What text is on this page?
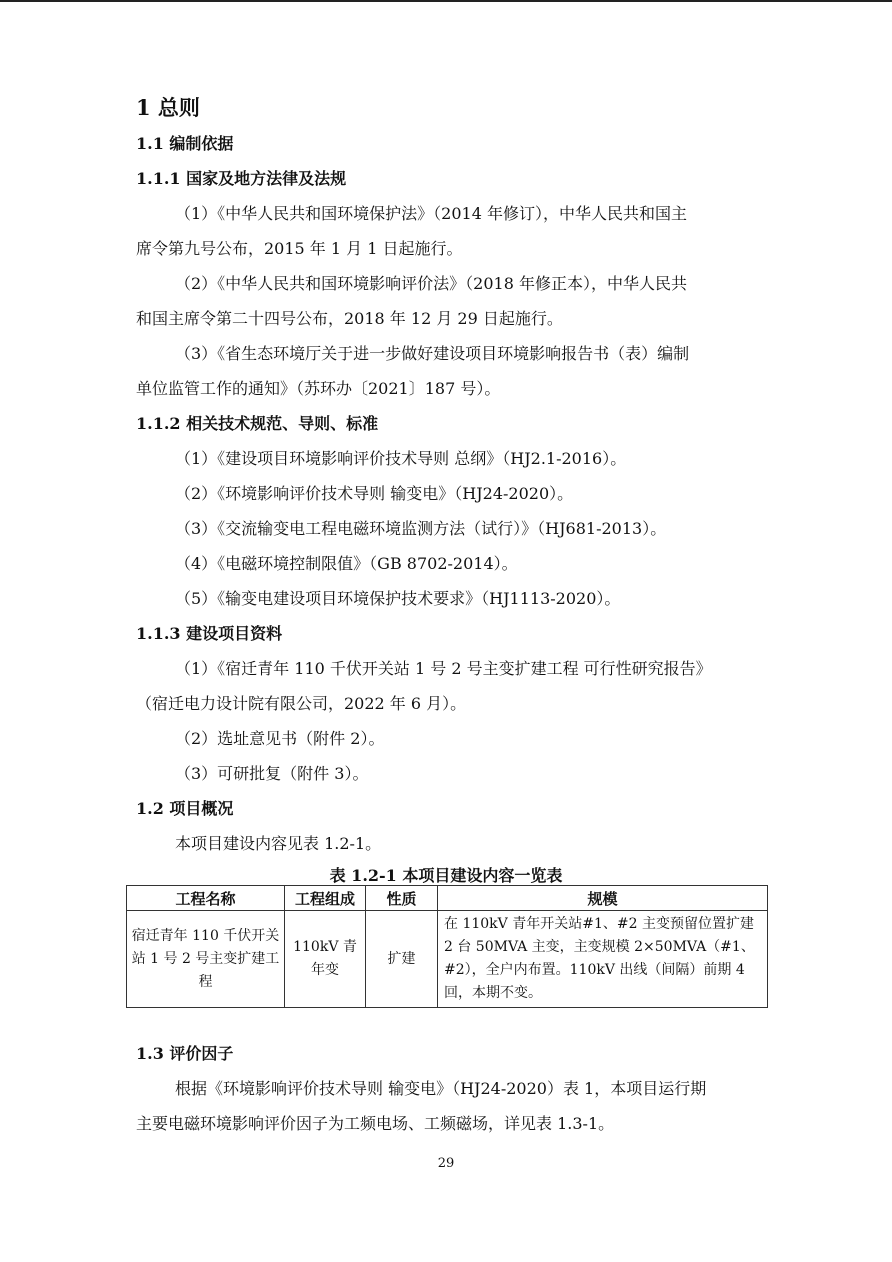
1 总则
1.1 编制依据
1.1.1 国家及地方法律及法规
（1）《中华人民共和国环境保护法》（2014 年修订），中华人民共和国主
席令第九号公布，2015 年 1 月 1 日起施行。
（2）《中华人民共和国环境影响评价法》（2018 年修正本），中华人民共
和国主席令第二十四号公布，2018 年 12 月 29 日起施行。
（3）《省生态环境厅关于进一步做好建设项目环境影响报告书（表）编制
单位监管工作的通知》（苏环办〔2021〕187 号）。
1.1.2 相关技术规范、导则、标准
（1）《建设项目环境影响评价技术导则 总纲》（HJ2.1-2016）。
（2）《环境影响评价技术导则 输变电》（HJ24-2020）。
（3）《交流输变电工程电磁环境监测方法（试行）》（HJ681-2013）。
（4）《电磁环境控制限值》（GB 8702-2014）。
（5）《输变电建设项目环境保护技术要求》（HJ1113-2020）。
1.1.3 建设项目资料
（1）《宿迁青年 110 千伏开关站 1 号 2 号主变扩建工程 可行性研究报告》
（宿迁电力设计院有限公司，2022 年 6 月）。
（2）选址意见书（附件 2）。
（3）可研批复（附件 3）。
1.2 项目概况
本项目建设内容见表 1.2-1。
表 1.2-1 本项目建设内容一览表
工程名称	工程组成	性质	规模
宿迁青年 110 千伏开关站 1 号 2 号主变扩建工程	110kV 青年变	扩建	在 110kV 青年开关站#1、#2 主变预留位置扩建 2 台 50MVA 主变，主变规模 2×50MVA（#1、#2），全户内布置。110kV 出线（间隔）前期 4 回，本期不变。
1.3 评价因子
根据《环境影响评价技术导则 输变电》（HJ24-2020）表 1，本项目运行期
主要电磁环境影响评价因子为工频电场、工频磁场，详见表 1.3-1。
29
